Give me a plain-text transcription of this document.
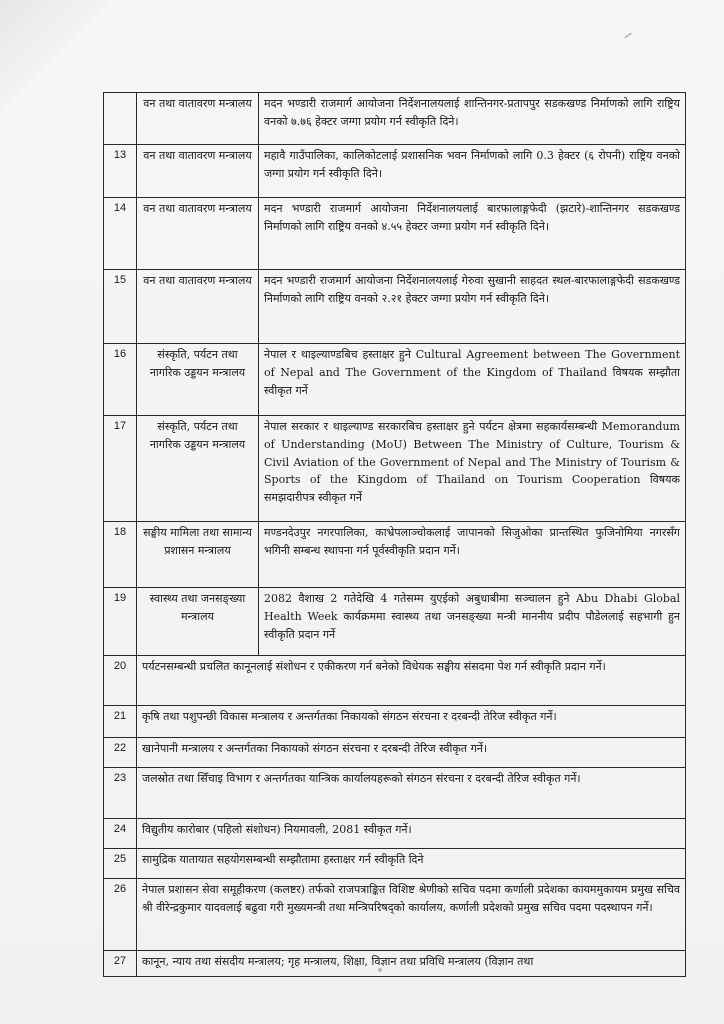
	वन तथा वातावरण मन्त्रालय	मदन भण्डारी राजमार्ग आयोजना निर्देशनालयलाई शान्तिनगर-प्रतापपुर सडकखण्ड निर्माणको लागि राष्ट्रिय वनको ७.७६ हेक्टर जग्गा प्रयोग गर्न स्वीकृति दिने।
13	वन तथा वातावरण मन्त्रालय	महावै गाउँपालिका, कालिकोटलाई प्रशासनिक भवन निर्माणको लागि 0.3 हेक्टर (६ रोपनी) राष्ट्रिय वनको जग्गा प्रयोग गर्न स्वीकृति दिने।
14	वन तथा वातावरण मन्त्रालय	मदन भण्डारी राजमार्ग आयोजना निर्देशनालयलाई बारफालाङ्गफेदी (झटारे)-शान्तिनगर सडकखण्ड निर्माणको लागि राष्ट्रिय वनको ४.५५ हेक्टर जग्गा प्रयोग गर्न स्वीकृति दिने।
15	वन तथा वातावरण मन्त्रालय	मदन भण्डारी राजमार्ग आयोजना निर्देशनालयलाई गेरुवा सुखानी साहदत स्थल-बारफालाङ्गफेदी सडकखण्ड निर्माणको लागि राष्ट्रिय वनको २.२१ हेक्टर जग्गा प्रयोग गर्न स्वीकृति दिने।
16	संस्कृति, पर्यटन तथा नागरिक उड्डयन मन्त्रालय	नेपाल र थाइल्याण्डबिच हस्ताक्षर हुने Cultural Agreement between The Government of Nepal and The Government of the Kingdom of Thailand विषयक सम्झौता स्वीकृत गर्ने
17	संस्कृति, पर्यटन तथा नागरिक उड्डयन मन्त्रालय	नेपाल सरकार र थाइल्याण्ड सरकारबिच हस्ताक्षर हुने पर्यटन क्षेत्रमा सहकार्यसम्बन्धी Memorandum of Understanding (MoU) Between The Ministry of Culture, Tourism & Civil Aviation of the Government of Nepal and The Ministry of Tourism & Sports of the Kingdom of Thailand on Tourism Cooperation विषयक समझदारीपत्र स्वीकृत गर्ने
18	सङ्घीय मामिला तथा सामान्य प्रशासन मन्त्रालय	मण्डनदेउपुर नगरपालिका, काभ्रेपलाञ्चोकलाई जापानको सिजुओका प्रान्तस्थित फुजिनोमिया नगरसँग भगिनी सम्बन्ध स्थापना गर्न पूर्वस्वीकृति प्रदान गर्ने।
19	स्वास्थ्य तथा जनसङ्ख्या मन्त्रालय	2082 वैशाख 2 गतेदेखि 4 गतेसम्म युएईको अबुधाबीमा सञ्चालन हुने Abu Dhabi Global Health Week कार्यक्रममा स्वास्थ्य तथा जनसङ्ख्या मन्त्री माननीय प्रदीप पौडेललाई सहभागी हुन स्वीकृति प्रदान गर्ने
20	पर्यटनसम्बन्धी प्रचलित कानूनलाई संशोधन र एकीकरण गर्न बनेको विधेयक सङ्घीय संसदमा पेश गर्न स्वीकृति प्रदान गर्ने।	
21	कृषि तथा पशुपन्छी विकास मन्त्रालय र अन्तर्गतका निकायको संगठन संरचना र दरबन्दी तेरिज स्वीकृत गर्ने।	
22	खानेपानी मन्त्रालय र अन्तर्गतका निकायको संगठन संरचना र दरबन्दी तेरिज स्वीकृत गर्ने।	
23	जलस्रोत तथा सिँचाइ विभाग र अन्तर्गतका यान्त्रिक कार्यालयहरूको संगठन संरचना र दरबन्दी तेरिज स्वीकृत गर्ने।	
24	विद्युतीय कारोबार (पहिलो संशोधन) नियमावली, 2081 स्वीकृत गर्ने।	
25	सामुद्रिक यातायात सहयोगसम्बन्धी सम्झौतामा हस्ताक्षर गर्न स्वीकृति दिने	
26	नेपाल प्रशासन सेवा समूहीकरण (कलष्टर) तर्फको राजपत्राङ्कित विशिष्ट श्रेणीको सचिव पदमा कर्णाली प्रदेशका कायममुकायम प्रमुख सचिव श्री वीरेन्द्रकुमार यादवलाई बढुवा गरी मुख्यमन्त्री तथा मन्त्रिपरिषद्को कार्यालय, कर्णाली प्रदेशको प्रमुख सचिव पदमा पदस्थापन गर्ने।	
27	कानून, न्याय तथा संसदीय मन्त्रालय; गृह मन्त्रालय, शिक्षा, विज्ञान तथा प्रविधि मन्त्रालय (विज्ञान तथा	
